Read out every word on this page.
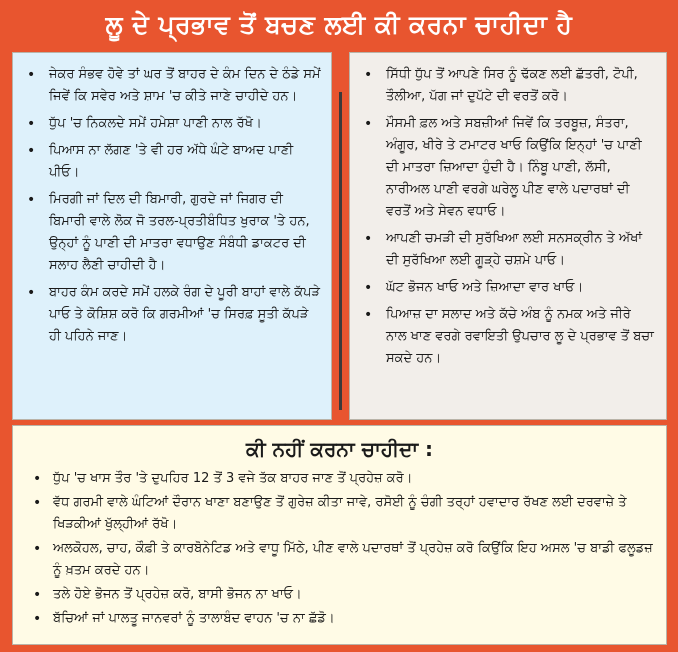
ਲੂ ਦੇ ਪ੍ਰਭਾਵ ਤੋਂ ਬਚਣ ਲਈ ਕੀ ਕਰਨਾ ਚਾਹੀਦਾ ਹੈ
• ਜੇਕਰ ਸੰਭਵ ਹੋਵੇ ਤਾਂ ਘਰ ਤੋਂ ਬਾਹਰ ਦੇ ਕੰਮ ਦਿਨ ਦੇ ਠੰਡੇ ਸਮੇਂ ਜਿਵੇਂ ਕਿ ਸਵੇਰ ਅਤੇ ਸ਼ਾਮ 'ਚ ਕੀਤੇ ਜਾਣੇ ਚਾਹੀਦੇ ਹਨ।
• ਧੁੱਪ 'ਚ ਨਿਕਲਦੇ ਸਮੇਂ ਹਮੇਸ਼ਾ ਪਾਣੀ ਨਾਲ ਰੱਖੋ।
• ਪਿਆਸ ਨਾ ਲੱਗਣ 'ਤੇ ਵੀ ਹਰ ਅੱਧੇ ਘੰਟੇ ਬਾਅਦ ਪਾਣੀ ਪੀਓ।
• ਮਿਰਗੀ ਜਾਂ ਦਿਲ ਦੀ ਬਿਮਾਰੀ, ਗੁਰਦੇ ਜਾਂ ਜਿਗਰ ਦੀ ਬਿਮਾਰੀ ਵਾਲੇ ਲੋਕ ਜੋ ਤਰਲ-ਪ੍ਰਤੀਬੰਧਿਤ ਖੁਰਾਕ 'ਤੇ ਹਨ, ਉਨ੍ਹਾਂ ਨੂੰ ਪਾਣੀ ਦੀ ਮਾਤਰਾ ਵਧਾਉਣ ਸੰਬੰਧੀ ਡਾਕਟਰ ਦੀ ਸਲਾਹ ਲੈਣੀ ਚਾਹੀਦੀ ਹੈ।
• ਬਾਹਰ ਕੰਮ ਕਰਦੇ ਸਮੇਂ ਹਲਕੇ ਰੰਗ ਦੇ ਪੂਰੀ ਬਾਹਾਂ ਵਾਲੇ ਕੱਪੜੇ ਪਾਓ ਤੇ ਕੋਸ਼ਿਸ਼ ਕਰੋ ਕਿ ਗਰਮੀਆਂ 'ਚ ਸਿਰਫ਼ ਸੂਤੀ ਕੱਪੜੇ ਹੀ ਪਹਿਨੇ ਜਾਣ।
• ਸਿੱਧੀ ਧੁੱਪ ਤੋਂ ਆਪਣੇ ਸਿਰ ਨੂੰ ਢੱਕਣ ਲਈ ਛੱਤਰੀ, ਟੋਪੀ, ਤੌਲੀਆ, ਪੱਗ ਜਾਂ ਦੁਪੱਟੇ ਦੀ ਵਰਤੋਂ ਕਰੋ।
• ਮੌਸਮੀ ਫ਼ਲ ਅਤੇ ਸਬਜ਼ੀਆਂ ਜਿਵੇਂ ਕਿ ਤਰਬੂਜ਼, ਸੰਤਰਾ, ਅੰਗੂਰ, ਖੀਰੇ ਤੇ ਟਮਾਟਰ ਖਾਓ ਕਿਉਂਕਿ ਇਨ੍ਹਾਂ 'ਚ ਪਾਣੀ ਦੀ ਮਾਤਰਾ ਜ਼ਿਆਦਾ ਹੁੰਦੀ ਹੈ। ਨਿੰਬੂ ਪਾਣੀ, ਲੱਸੀ, ਨਾਰੀਅਲ ਪਾਣੀ ਵਰਗੇ ਘਰੇਲੂ ਪੀਣ ਵਾਲੇ ਪਦਾਰਥਾਂ ਦੀ ਵਰਤੋਂ ਅਤੇ ਸੇਵਨ ਵਧਾਓ।
• ਆਪਣੀ ਚਮੜੀ ਦੀ ਸੁਰੱਖਿਆ ਲਈ ਸਨਸਕ੍ਰੀਨ ਤੇ ਅੱਖਾਂ ਦੀ ਸੁਰੱਖਿਆ ਲਈ ਗੂੜ੍ਹੇ ਚਸ਼ਮੇ ਪਾਓ।
• ਘੱਟ ਭੋਜਨ ਖਾਓ ਅਤੇ ਜ਼ਿਆਦਾ ਵਾਰ ਖਾਓ।
• ਪਿਆਜ਼ ਦਾ ਸਲਾਦ ਅਤੇ ਕੱਚੇ ਅੰਬ ਨੂੰ ਨਮਕ ਅਤੇ ਜੀਰੇ ਨਾਲ ਖਾਣ ਵਰਗੇ ਰਵਾਇਤੀ ਉਪਚਾਰ ਲੂ ਦੇ ਪ੍ਰਭਾਵ ਤੋਂ ਬਚਾ ਸਕਦੇ ਹਨ।
ਕੀ ਨਹੀਂ ਕਰਨਾ ਚਾਹੀਦਾ :
• ਧੁੱਪ 'ਚ ਖਾਸ ਤੌਰ 'ਤੇ ਦੁਪਹਿਰ 12 ਤੋਂ 3 ਵਜੇ ਤੱਕ ਬਾਹਰ ਜਾਣ ਤੋਂ ਪ੍ਰਹੇਜ਼ ਕਰੋ।
• ਵੱਧ ਗਰਮੀ ਵਾਲੇ ਘੰਟਿਆਂ ਦੌਰਾਨ ਖਾਣਾ ਬਣਾਉਣ ਤੋਂ ਗੁਰੇਜ਼ ਕੀਤਾ ਜਾਵੇ, ਰਸੋਈ ਨੂੰ ਚੰਗੀ ਤਰ੍ਹਾਂ ਹਵਾਦਾਰ ਰੱਖਣ ਲਈ ਦਰਵਾਜ਼ੇ ਤੇ ਖਿੜਕੀਆਂ ਖੁੱਲ੍ਹੀਆਂ ਰੱਖੋ।
• ਅਲਕੋਹਲ, ਚਾਹ, ਕੌਫ਼ੀ ਤੇ ਕਾਰਬੋਨੇਟਿਡ ਅਤੇ ਵਾਧੂ ਮਿੱਠੇ, ਪੀਣ ਵਾਲੇ ਪਦਾਰਥਾਂ ਤੋਂ ਪ੍ਰਹੇਜ਼ ਕਰੋ ਕਿਉਂਕਿ ਇਹ ਅਸਲ 'ਚ ਬਾਡੀ ਫਲੂਡਜ਼ ਨੂੰ ਖ਼ਤਮ ਕਰਦੇ ਹਨ।
• ਤਲੇ ਹੋਏ ਭੋਜਨ ਤੋਂ ਪ੍ਰਹੇਜ਼ ਕਰੋ, ਬਾਸੀ ਭੋਜਨ ਨਾ ਖਾਓ।
• ਬੱਚਿਆਂ ਜਾਂ ਪਾਲਤੂ ਜਾਨਵਰਾਂ ਨੂੰ ਤਾਲਾਬੰਦ ਵਾਹਨ 'ਚ ਨਾ ਛੱਡੋ।
